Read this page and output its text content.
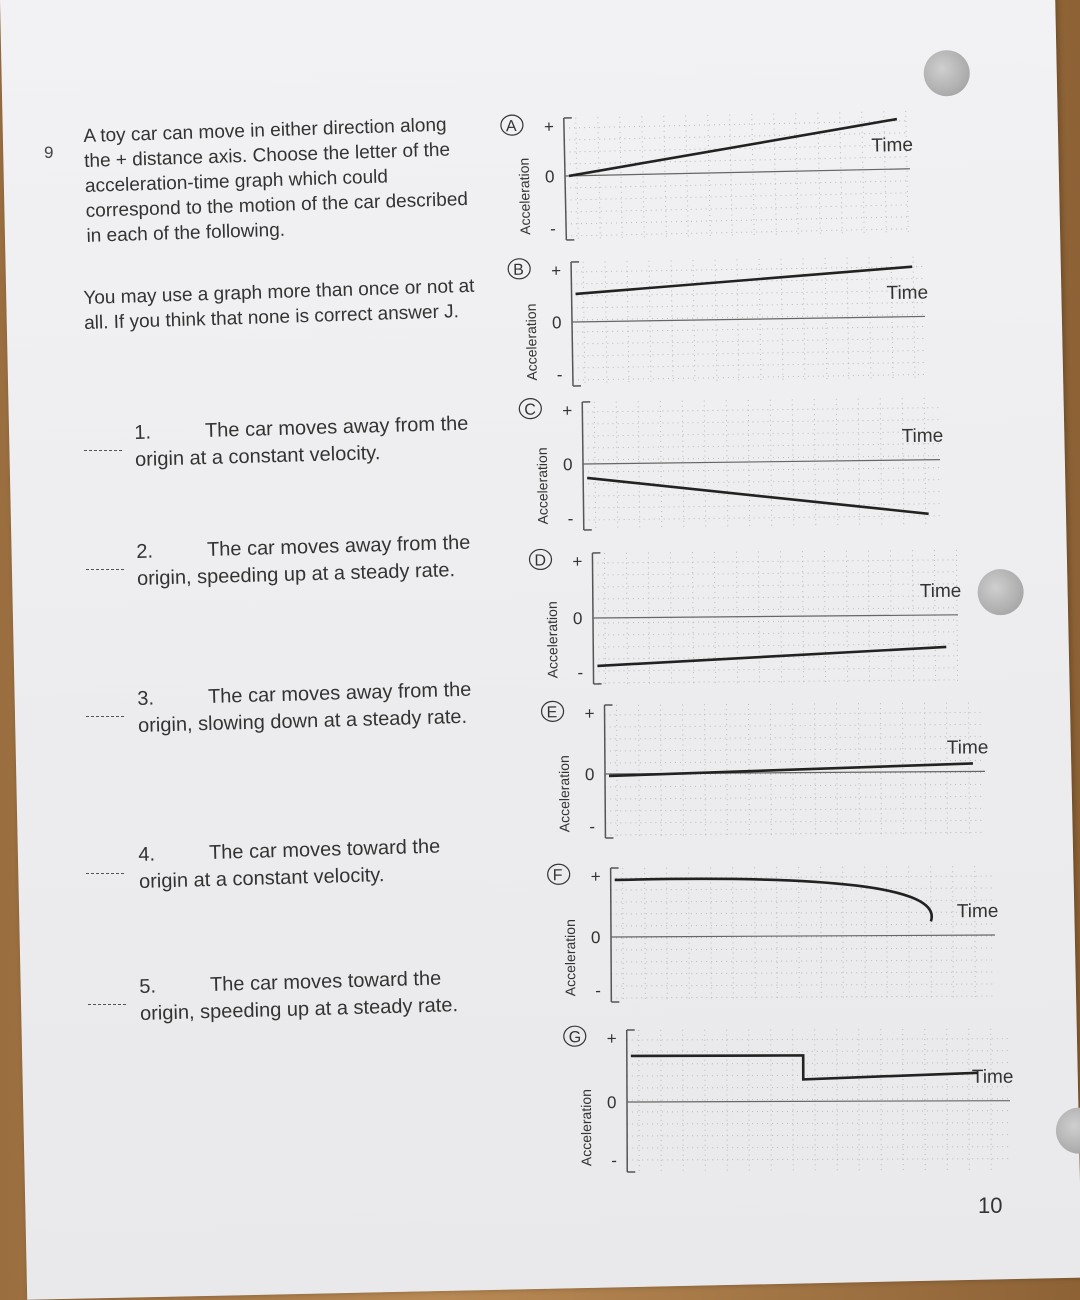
9
A toy car can move in either direction along the + distance axis. Choose the letter of the acceleration-time graph which could correspond to the motion of the car described in each of the following.
You may use a graph more than once or not at all. If you think that none is correct answer J.
1.	The car moves away from the origin at a constant velocity.
2.	The car moves away from the origin, speeding up at a steady rate.
3.	The car moves away from the origin, slowing down at a steady rate.
4.	The car moves toward the origin at a constant velocity.
5.	The car moves toward the origin, speeding up at a steady rate.
+
0
-
Time
Acceleration
A
+
0
-
Time
Acceleration
B
+
0
-
Time
Acceleration
C
+
0
-
Time
Acceleration
D
+
0
-
Time
Acceleration
E
+
0
-
Time
Acceleration
F
+
0
-
Time
Acceleration
G
10
